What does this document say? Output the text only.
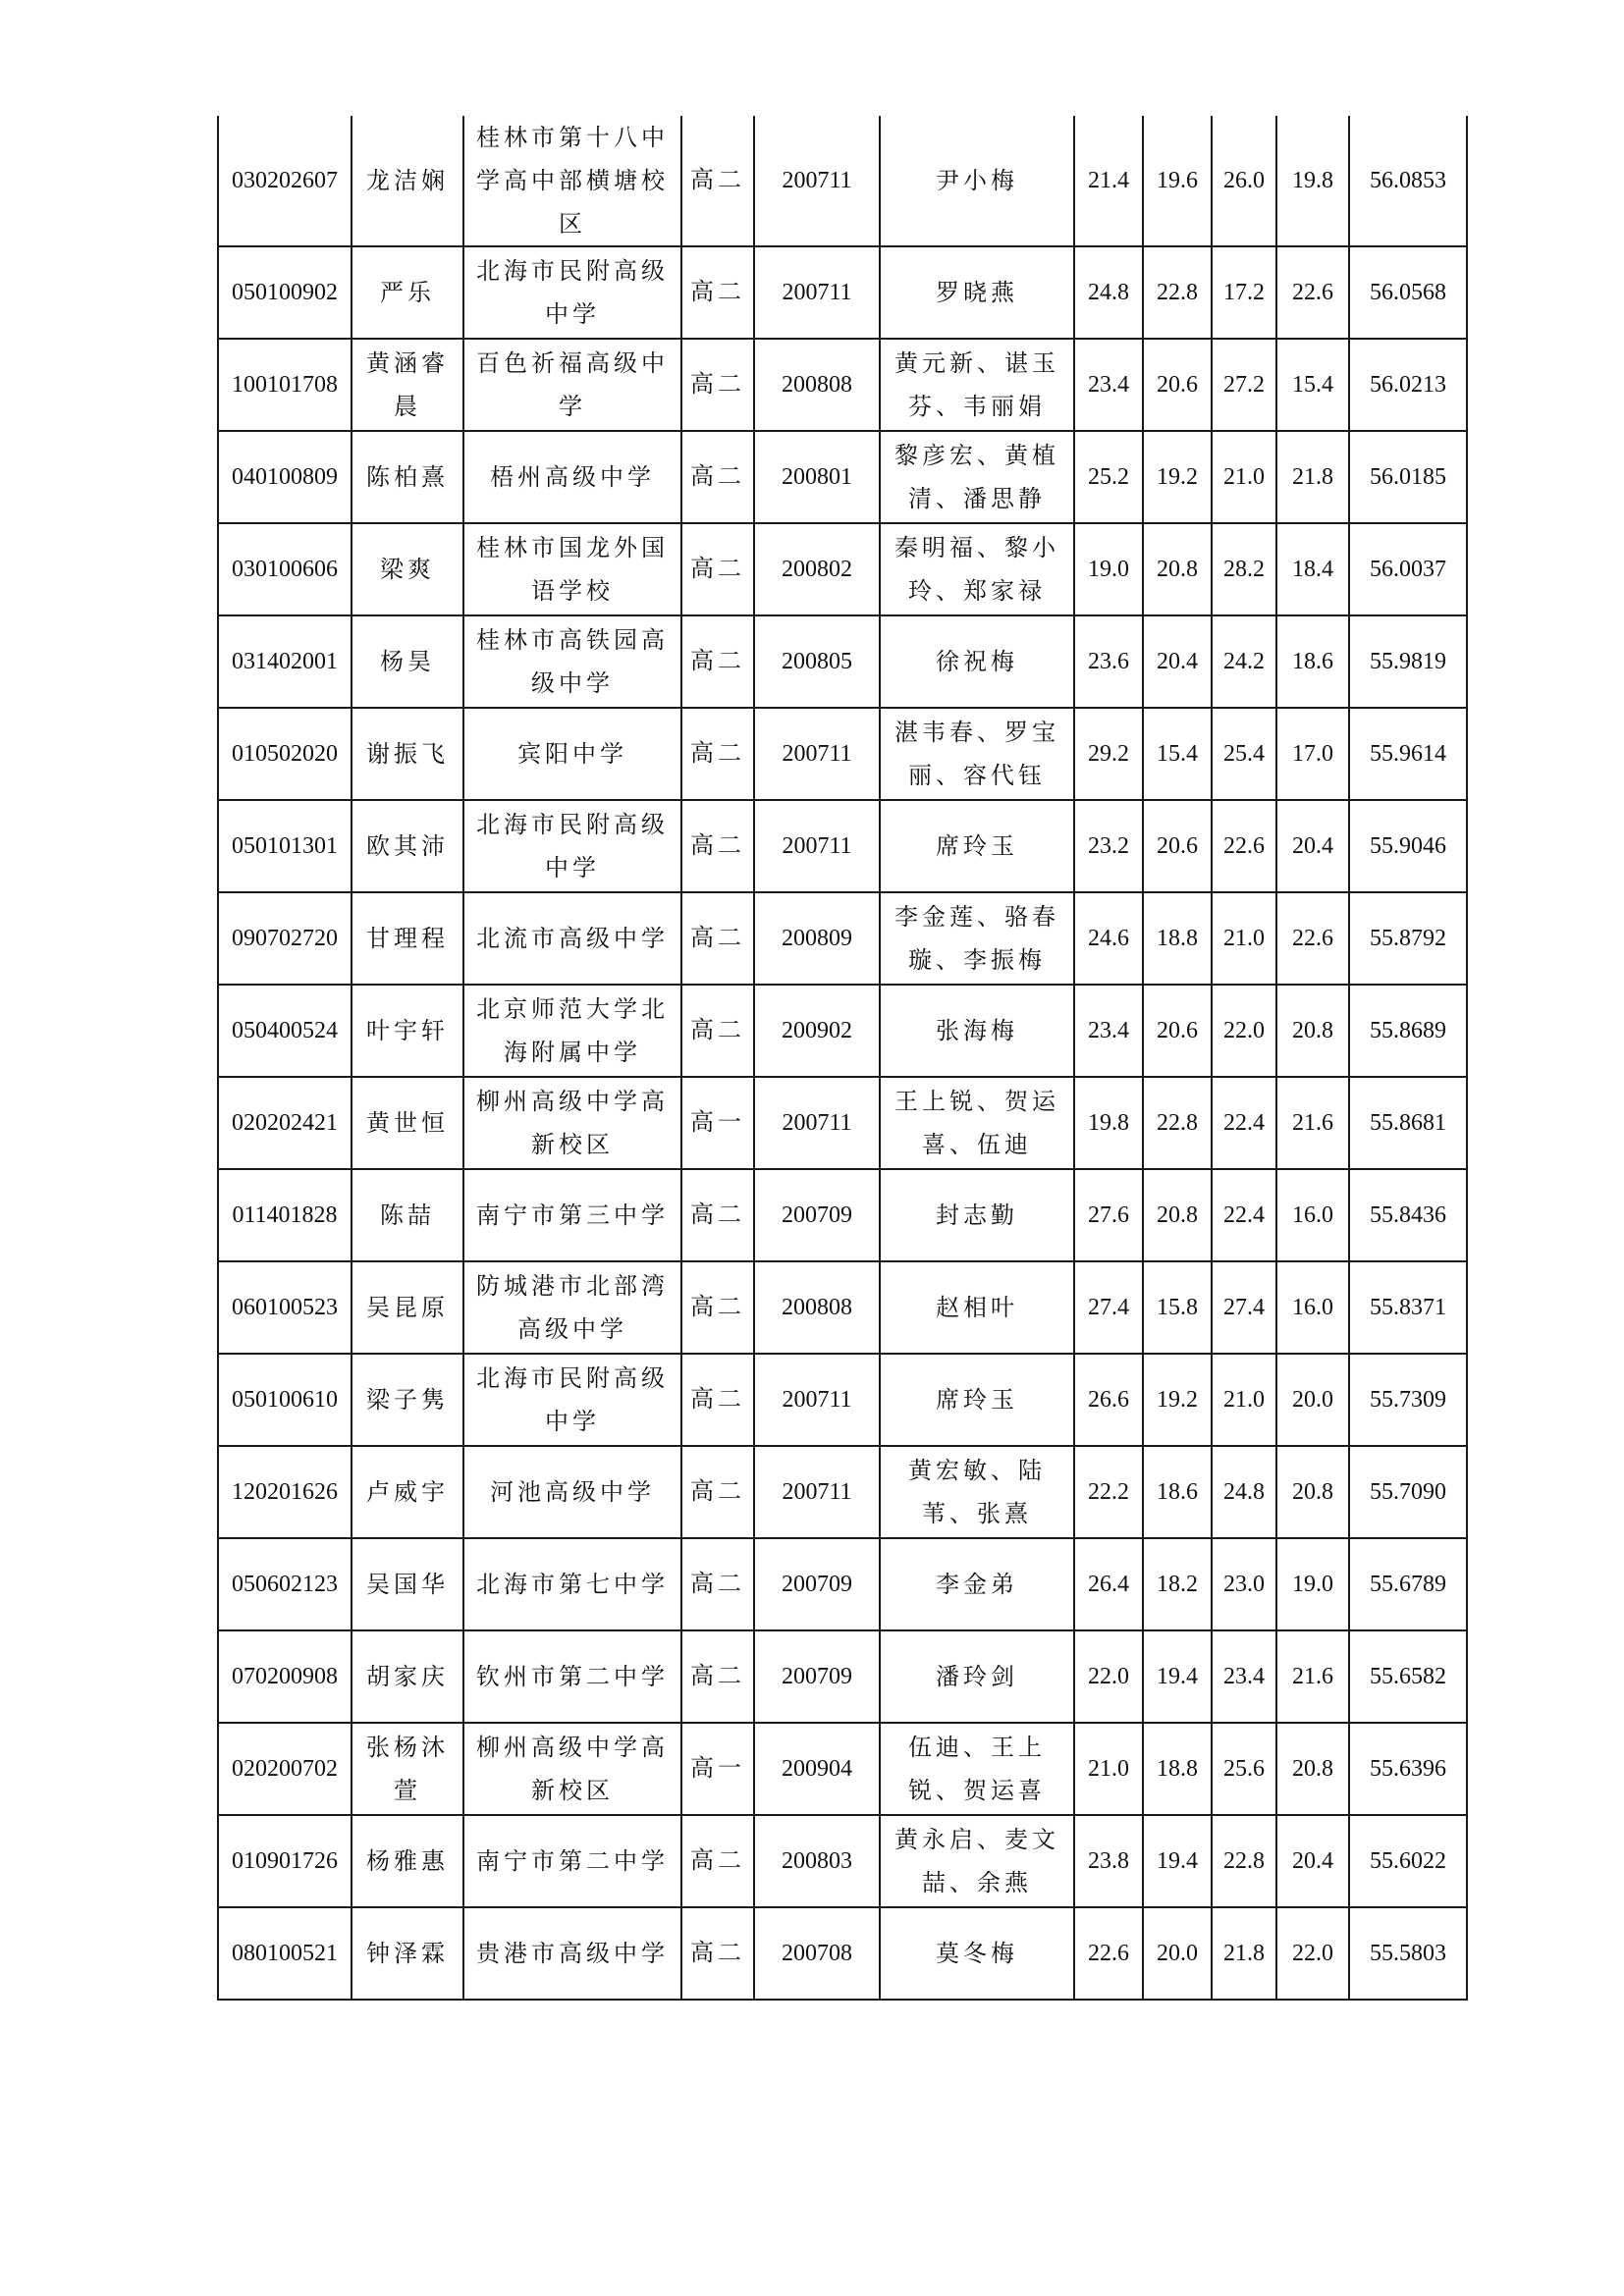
030202607	龙洁娴	桂林市第十八中学高中部横塘校区	高二	200711	尹小梅	21.4	19.6	26.0	19.8	56.0853
050100902	严乐	北海市民附高级中学	高二	200711	罗晓燕	24.8	22.8	17.2	22.6	56.0568
100101708	黄涵睿晨	百色祈福高级中学	高二	200808	黄元新、谌玉芬、韦丽娟	23.4	20.6	27.2	15.4	56.0213
040100809	陈柏熹	梧州高级中学	高二	200801	黎彦宏、黄植清、潘思静	25.2	19.2	21.0	21.8	56.0185
030100606	梁爽	桂林市国龙外国语学校	高二	200802	秦明福、黎小玲、郑家禄	19.0	20.8	28.2	18.4	56.0037
031402001	杨昊	桂林市高铁园高级中学	高二	200805	徐祝梅	23.6	20.4	24.2	18.6	55.9819
010502020	谢振飞	宾阳中学	高二	200711	湛韦春、罗宝丽、容代钰	29.2	15.4	25.4	17.0	55.9614
050101301	欧其沛	北海市民附高级中学	高二	200711	席玲玉	23.2	20.6	22.6	20.4	55.9046
090702720	甘理程	北流市高级中学	高二	200809	李金莲、骆春璇、李振梅	24.6	18.8	21.0	22.6	55.8792
050400524	叶宇轩	北京师范大学北海附属中学	高二	200902	张海梅	23.4	20.6	22.0	20.8	55.8689
020202421	黄世恒	柳州高级中学高新校区	高一	200711	王上锐、贺运喜、伍迪	19.8	22.8	22.4	21.6	55.8681
011401828	陈喆	南宁市第三中学	高二	200709	封志勤	27.6	20.8	22.4	16.0	55.8436
060100523	吴昆原	防城港市北部湾高级中学	高二	200808	赵相叶	27.4	15.8	27.4	16.0	55.8371
050100610	梁子隽	北海市民附高级中学	高二	200711	席玲玉	26.6	19.2	21.0	20.0	55.7309
120201626	卢威宇	河池高级中学	高二	200711	黄宏敏、陆苇、张熹	22.2	18.6	24.8	20.8	55.7090
050602123	吴国华	北海市第七中学	高二	200709	李金弟	26.4	18.2	23.0	19.0	55.6789
070200908	胡家庆	钦州市第二中学	高二	200709	潘玲剑	22.0	19.4	23.4	21.6	55.6582
020200702	张杨沐萱	柳州高级中学高新校区	高一	200904	伍迪、王上锐、贺运喜	21.0	18.8	25.6	20.8	55.6396
010901726	杨雅惠	南宁市第二中学	高二	200803	黄永启、麦文喆、余燕	23.8	19.4	22.8	20.4	55.6022
080100521	钟泽霖	贵港市高级中学	高二	200708	莫冬梅	22.6	20.0	21.8	22.0	55.5803
